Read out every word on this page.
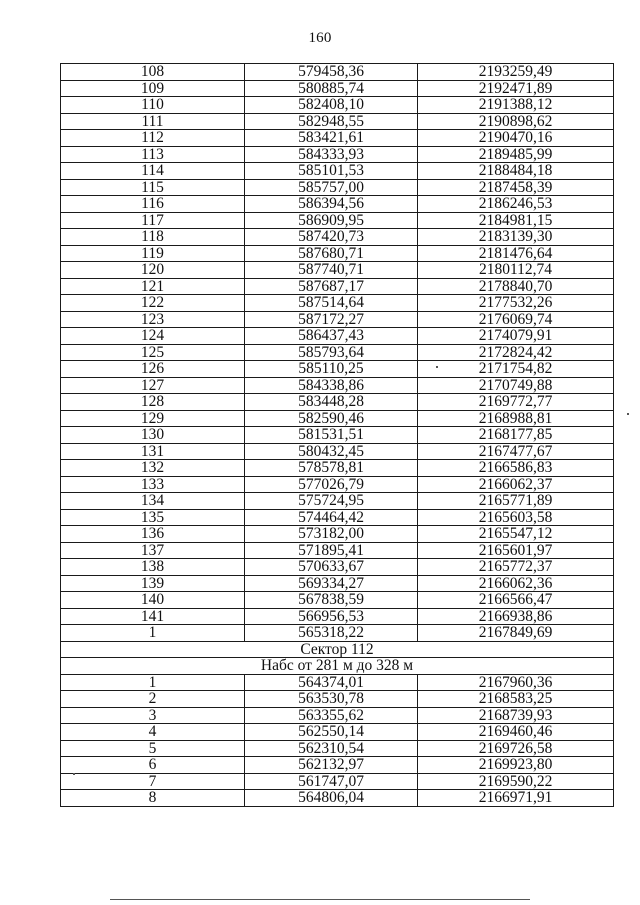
160
108	579458,36	2193259,49
109	580885,74	2192471,89
110	582408,10	2191388,12
111	582948,55	2190898,62
112	583421,61	2190470,16
113	584333,93	2189485,99
114	585101,53	2188484,18
115	585757,00	2187458,39
116	586394,56	2186246,53
117	586909,95	2184981,15
118	587420,73	2183139,30
119	587680,71	2181476,64
120	587740,71	2180112,74
121	587687,17	2178840,70
122	587514,64	2177532,26
123	587172,27	2176069,74
124	586437,43	2174079,91
125	585793,64	2172824,42
126	585110,25	2171754,82
127	584338,86	2170749,88
128	583448,28	2169772,77
129	582590,46	2168988,81
130	581531,51	2168177,85
131	580432,45	2167477,67
132	578578,81	2166586,83
133	577026,79	2166062,37
134	575724,95	2165771,89
135	574464,42	2165603,58
136	573182,00	2165547,12
137	571895,41	2165601,97
138	570633,67	2165772,37
139	569334,27	2166062,36
140	567838,59	2166566,47
141	566956,53	2166938,86
1	565318,22	2167849,69
Сектор 112		
Набс от 281 м до 328 м		
1	564374,01	2167960,36
2	563530,78	2168583,25
3	563355,62	2168739,93
4	562550,14	2169460,46
5	562310,54	2169726,58
6	562132,97	2169923,80
7	561747,07	2169590,22
8	564806,04	2166971,91
